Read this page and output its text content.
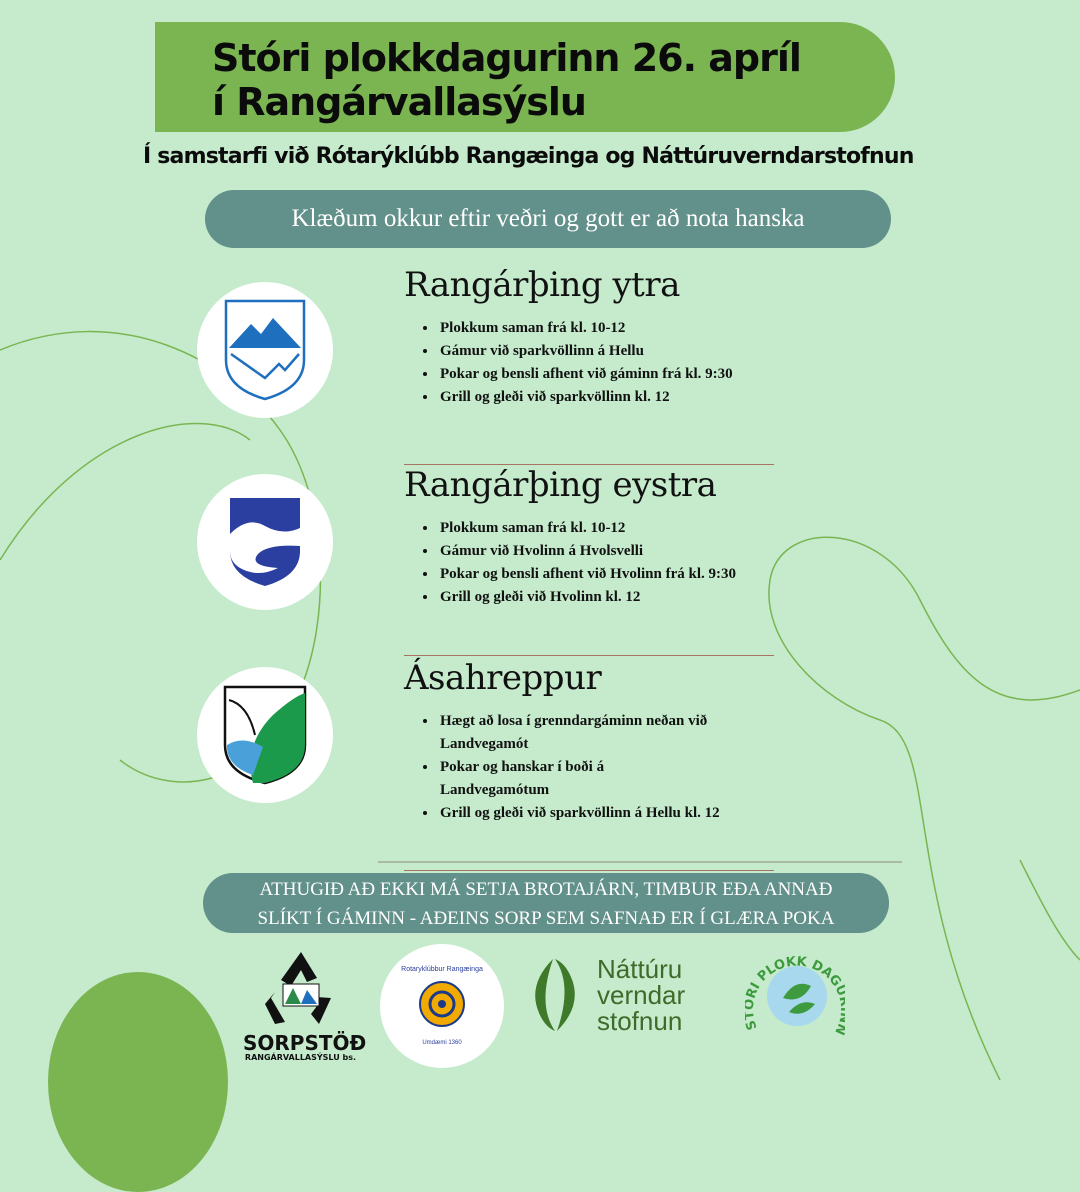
Stóri plokkdagurinn 26. apríl
í Rangárvallasýslu
Í samstarfi við Rótarýklúbb Rangæinga og Náttúruverndarstofnun
Klæðum okkur eftir veðri og gott er að nota hanska
Rangárþing ytra
• Plokkum saman frá kl. 10-12
• Gámur við sparkvöllinn á Hellu
• Pokar og bensli afhent við gáminn frá kl. 9:30
• Grill og gleði við sparkvöllinn kl. 12
Rangárþing eystra
• Plokkum saman frá kl. 10-12
• Gámur við Hvolinn á Hvolsvelli
• Pokar og bensli afhent við Hvolinn frá kl. 9:30
• Grill og gleði við Hvolinn kl. 12
Ásahreppur
• Hægt að losa í grenndargáminn neðan við Landvegamót
• Pokar og hanskar í boði á Landvegamótum
• Grill og gleði við sparkvöllinn á Hellu kl. 12
ATHUGIÐ AÐ EKKI MÁ SETJA BROTAJÁRN, TIMBUR EÐA ANNAÐ
SLÍKT Í GÁMINN - AÐEINS SORP SEM SAFNAÐ ER Í GLÆRA POKA
SORPSTÖÐ
RANGÁRVALLASÝSLU bs.
Rotaryklúbbur Rangæinga
Umdæmi 1360
Náttúru
verndar
stofnun	S RI PLOKK DAG
